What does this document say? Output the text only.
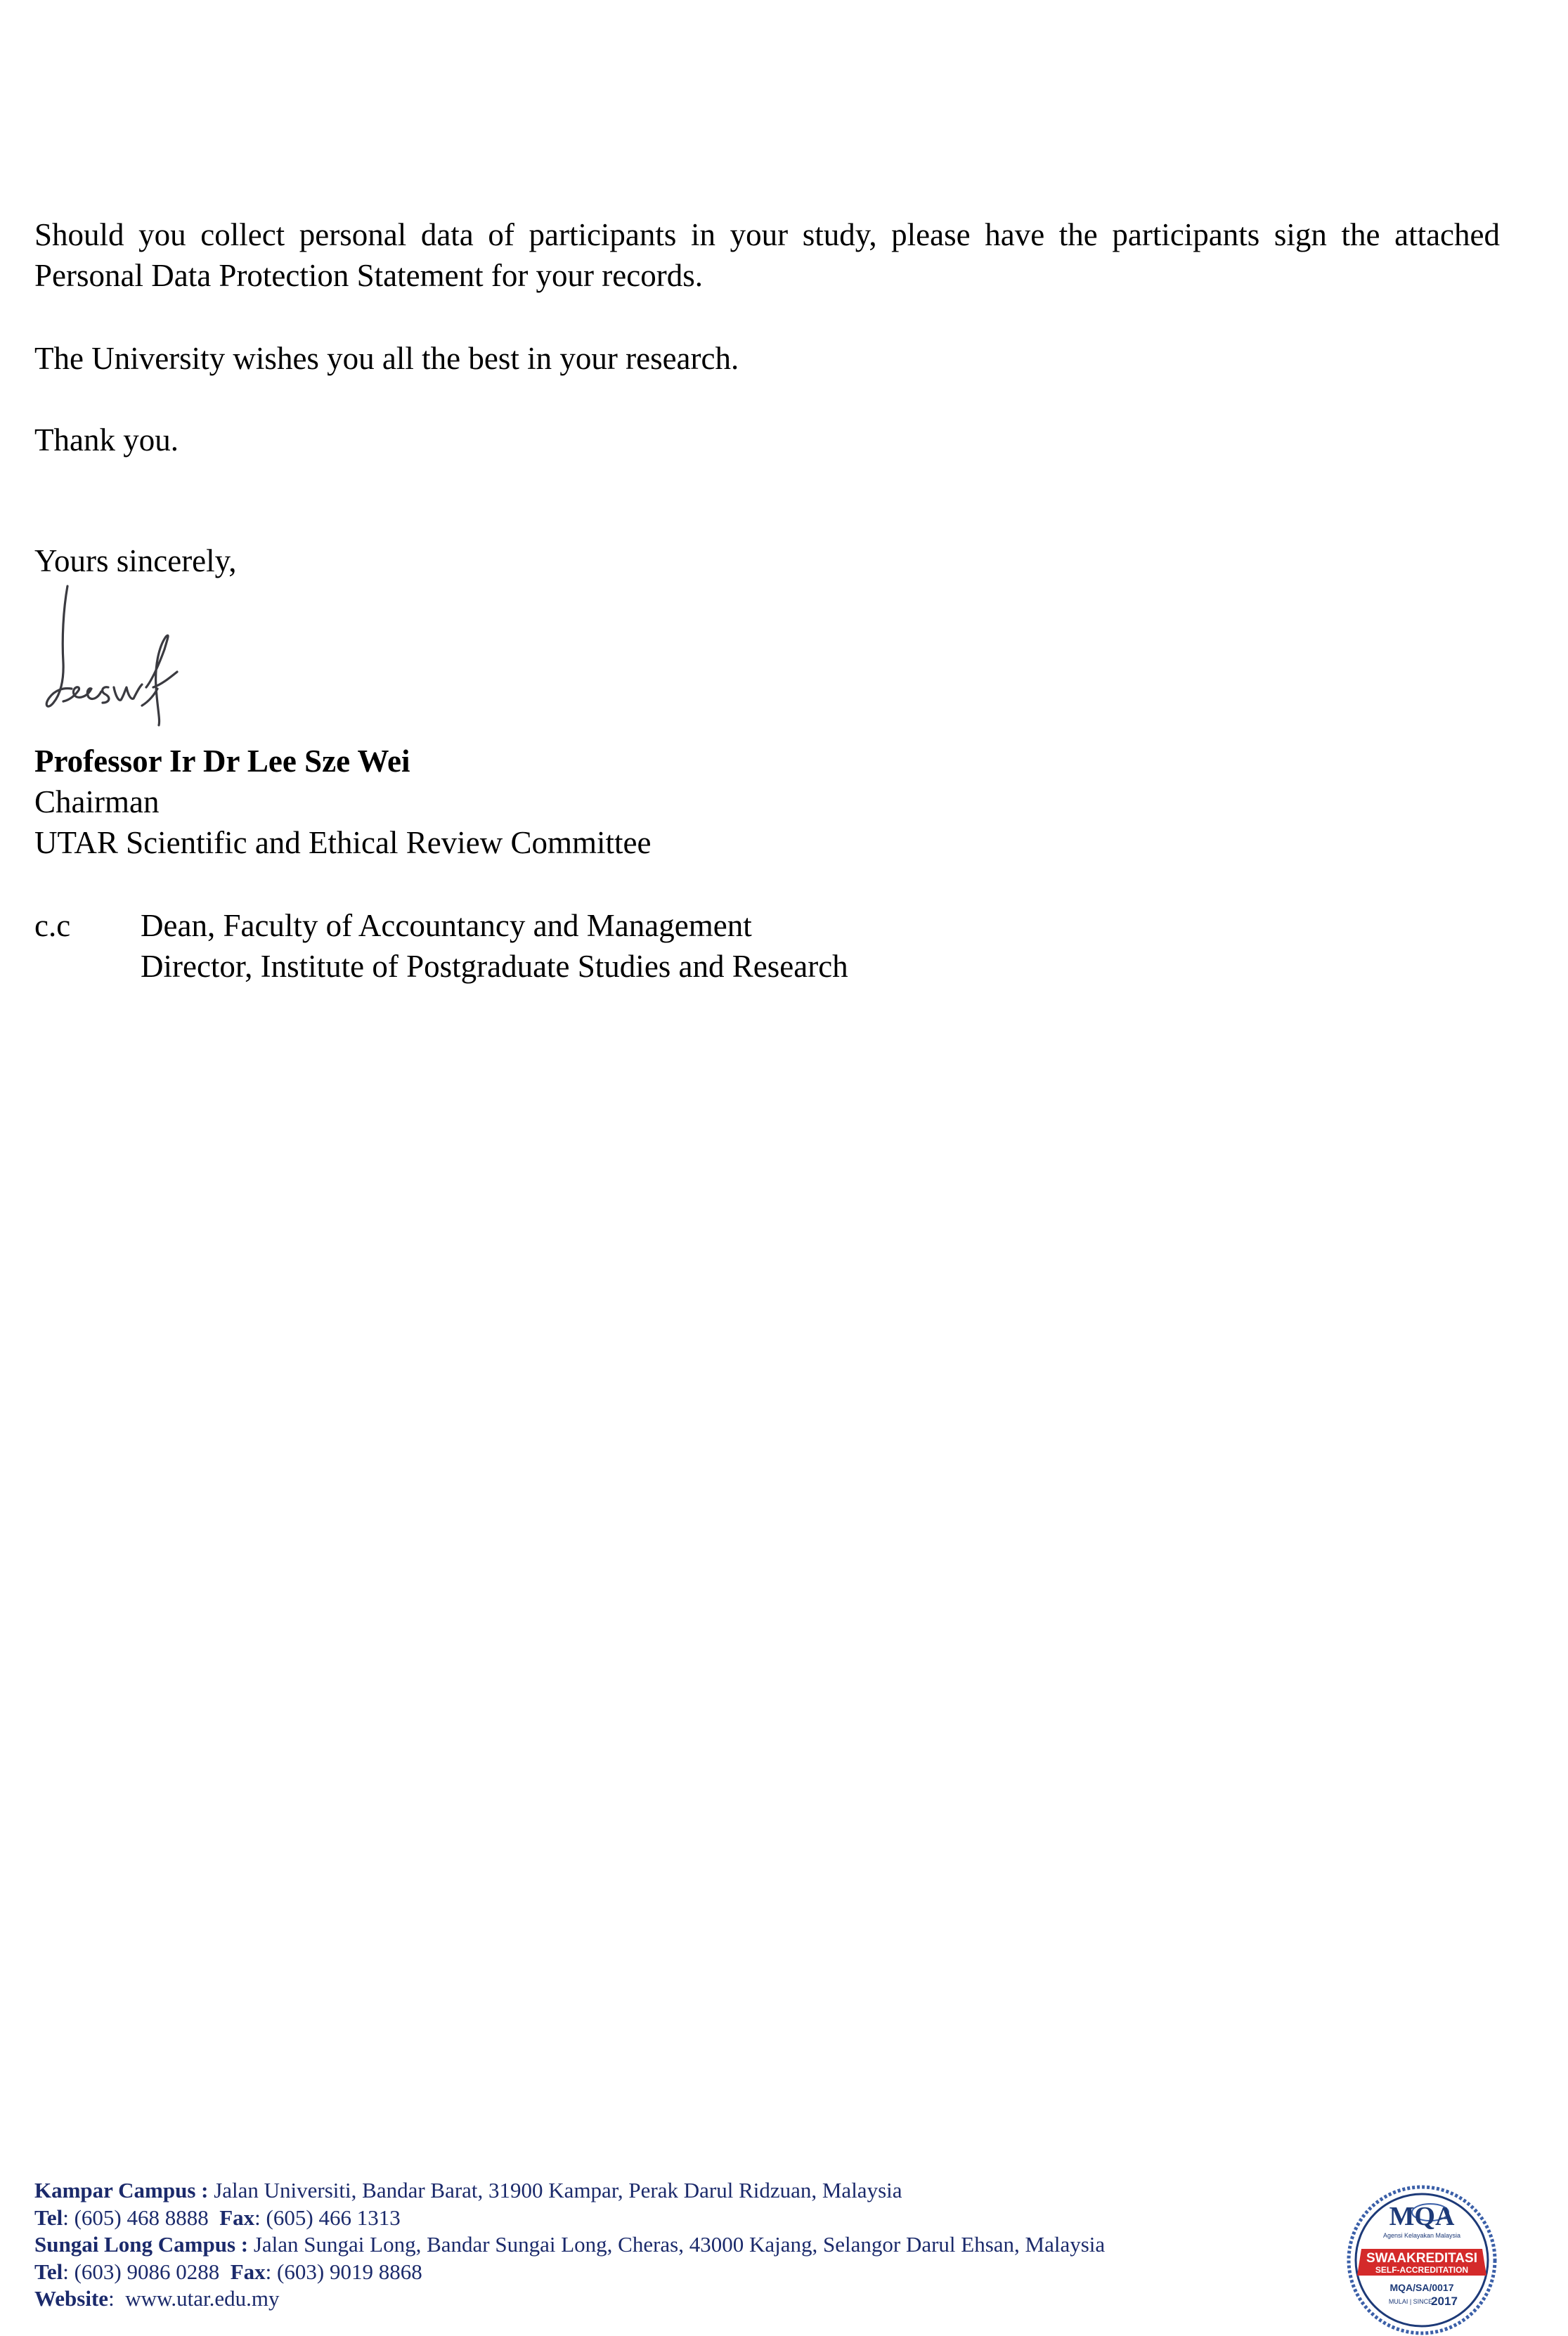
Should you collect personal data of participants in your study, please have the participants sign the attached Personal Data Protection Statement for your records.
The University wishes you all the best in your research.
Thank you.
Yours sincerely,
Professor Ir Dr Lee Sze Wei
Chairman
UTAR Scientific and Ethical Review Committee
c.c	Dean, Faculty of Accountancy and Management
Director, Institute of Postgraduate Studies and Research
Kampar Campus : Jalan Universiti, Bandar Barat, 31900 Kampar, Perak Darul Ridzuan, Malaysia
Tel: (605) 468 8888 Fax: (605) 466 1313
Sungai Long Campus : Jalan Sungai Long, Bandar Sungai Long, Cheras, 43000 Kajang, Selangor Darul Ehsan, Malaysia
Tel: (603) 9086 0288 Fax: (603) 9019 8868
Website:  www.utar.edu.my
MQA
Agensi Kelayakan Malaysia
SWAAKREDITASI
SELF-ACCREDITATION
MQA/SA/0017
MULAI | SINCE
2017
